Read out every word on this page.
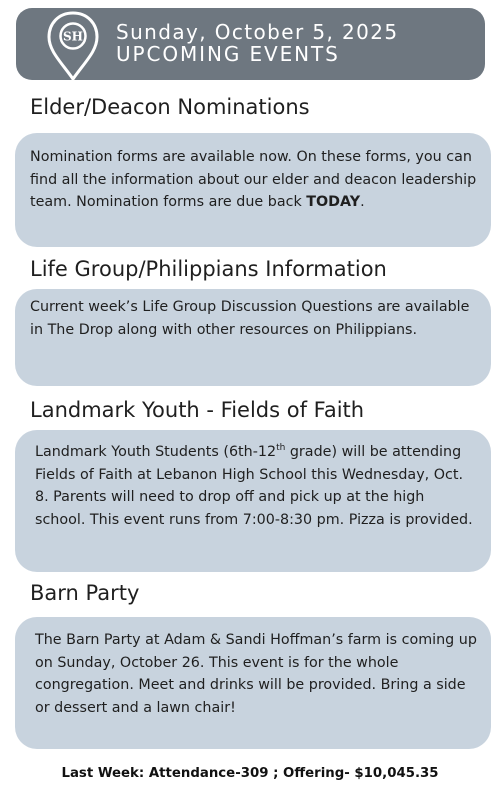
SH Sunday, October 5, 2025
UPCOMING EVENTS
Elder/Deacon Nominations

Nomination forms are available now. On these forms, you can find all the information about our elder and deacon leadership team. Nomination forms are due back TODAY.

Life Group/Philippians Information

Current week’s Life Group Discussion Questions are available in The Drop along with other resources on Philippians.

Landmark Youth - Fields of Faith

Landmark Youth Students (6th-12th grade) will be attending Fields of Faith at Lebanon High School this Wednesday, Oct. 8. Parents will need to drop off and pick up at the high school. This event runs from 7:00-8:30 pm. Pizza is provided.

Barn Party

The Barn Party at Adam & Sandi Hoffman’s farm is coming up on Sunday, October 26. This event is for the whole congregation. Meet and drinks will be provided. Bring a side or dessert and a lawn chair!

Last Week: Attendance-309 ; Offering- $10,045.35
